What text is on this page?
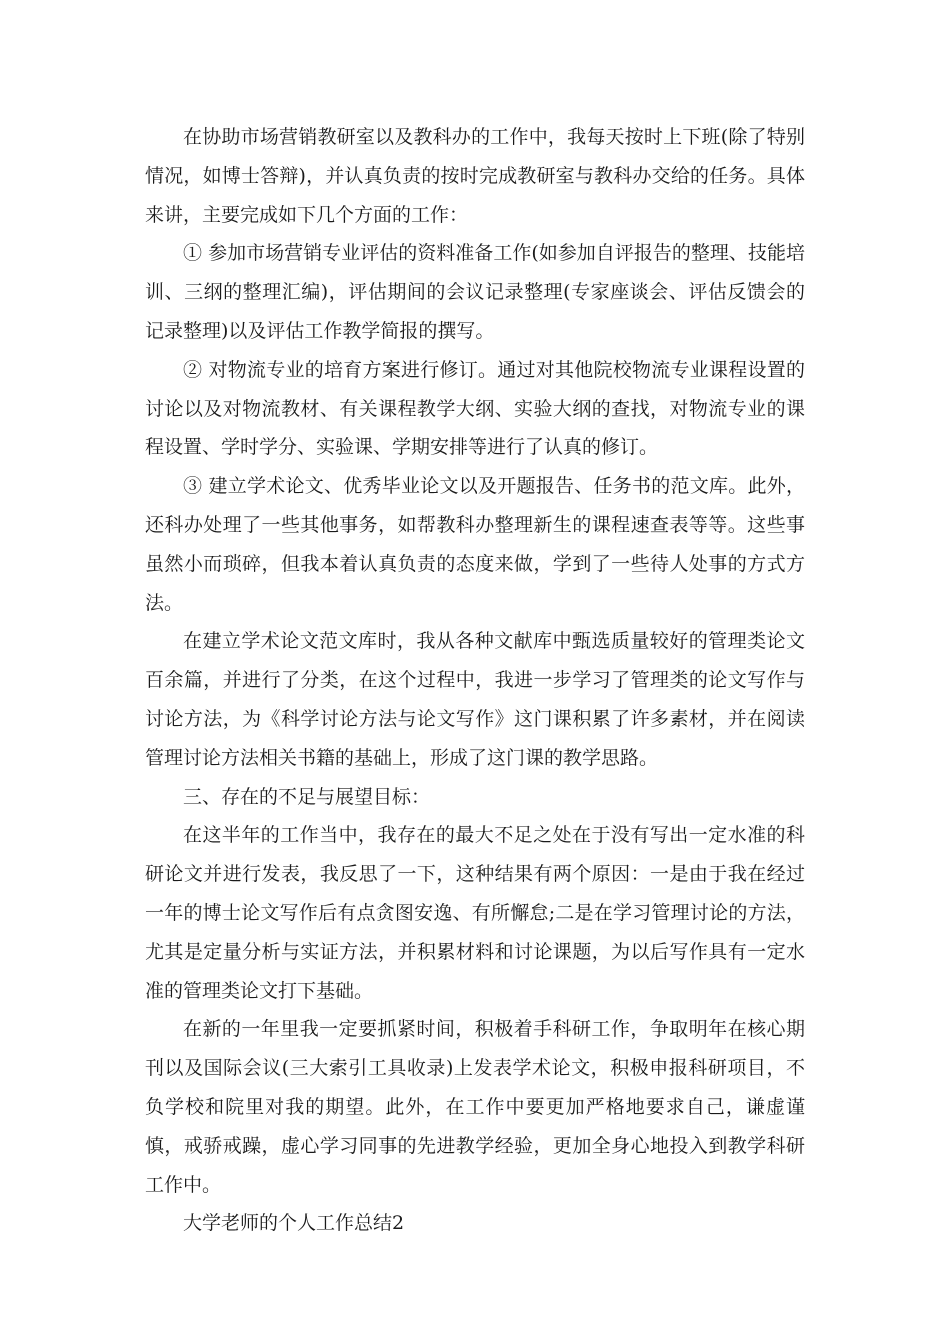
在协助市场营销教研室以及教科办的工作中，我每天按时上下班(除了特别情况，如博士答辩)，并认真负责的按时完成教研室与教科办交给的任务。具体来讲，主要完成如下几个方面的工作：

① 参加市场营销专业评估的资料准备工作(如参加自评报告的整理、技能培训、三纲的整理汇编)，评估期间的会议记录整理(专家座谈会、评估反馈会的记录整理)以及评估工作教学简报的撰写。

② 对物流专业的培育方案进行修订。通过对其他院校物流专业课程设置的讨论以及对物流教材、有关课程教学大纲、实验大纲的查找，对物流专业的课程设置、学时学分、实验课、学期安排等进行了认真的修订。

③ 建立学术论文、优秀毕业论文以及开题报告、任务书的范文库。此外，还科办处理了一些其他事务，如帮教科办整理新生的课程速查表等等。这些事虽然小而琐碎，但我本着认真负责的态度来做，学到了一些待人处事的方式方法。

在建立学术论文范文库时，我从各种文献库中甄选质量较好的管理类论文百余篇，并进行了分类，在这个过程中，我进一步学习了管理类的论文写作与讨论方法，为《科学讨论方法与论文写作》这门课积累了许多素材，并在阅读管理讨论方法相关书籍的基础上，形成了这门课的教学思路。

三、存在的不足与展望目标：

在这半年的工作当中，我存在的最大不足之处在于没有写出一定水准的科研论文并进行发表，我反思了一下，这种结果有两个原因：一是由于我在经过一年的博士论文写作后有点贪图安逸、有所懈怠;二是在学习管理讨论的方法，尤其是定量分析与实证方法，并积累材料和讨论课题，为以后写作具有一定水准的管理类论文打下基础。

在新的一年里我一定要抓紧时间，积极着手科研工作，争取明年在核心期刊以及国际会议(三大索引工具收录)上发表学术论文，积极申报科研项目，不负学校和院里对我的期望。此外，在工作中要更加严格地要求自己，谦虚谨慎，戒骄戒躁，虚心学习同事的先进教学经验，更加全身心地投入到教学科研工作中。

大学老师的个人工作总结2
